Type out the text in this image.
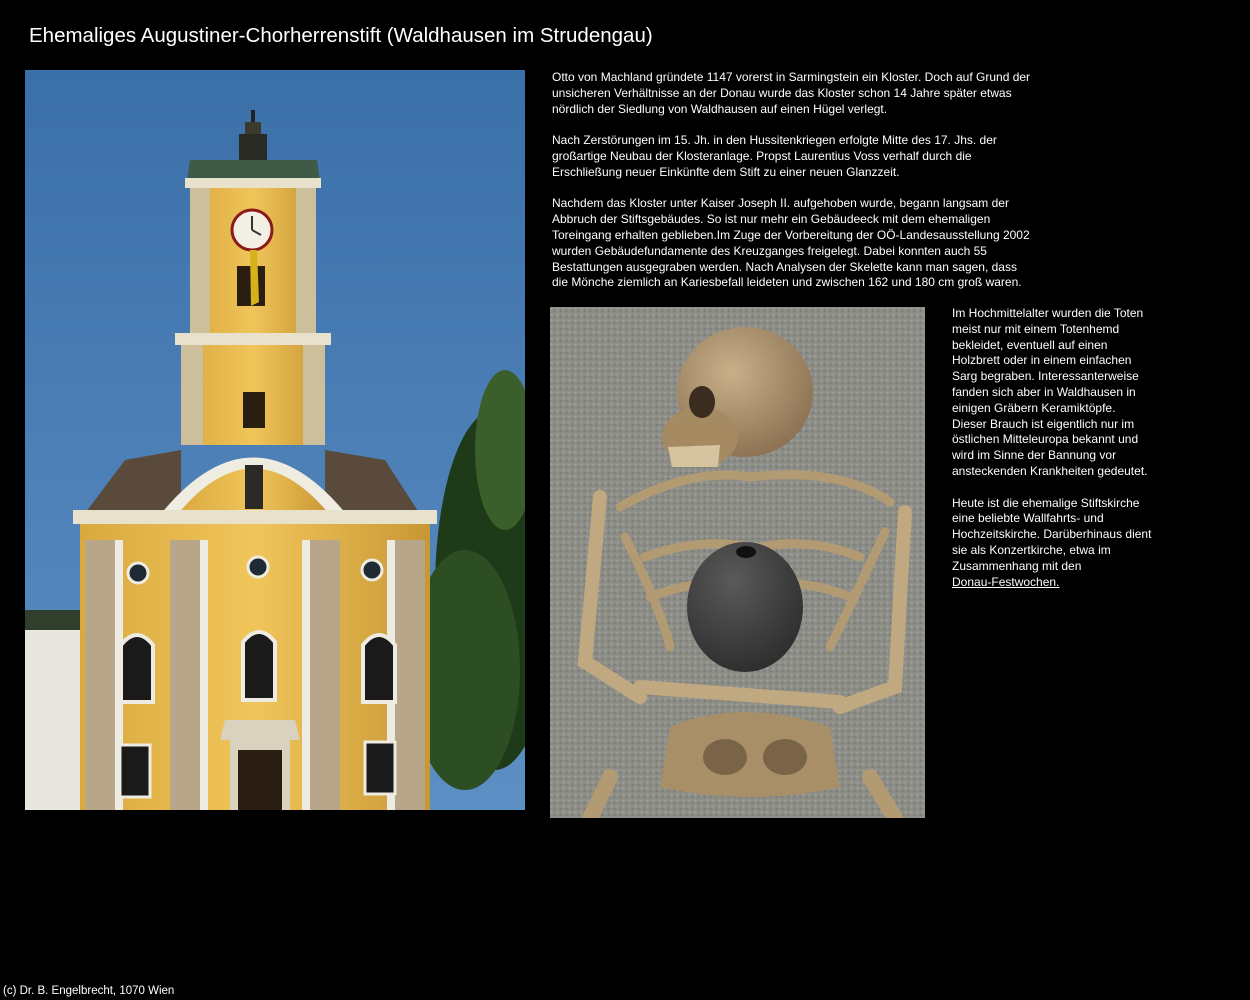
Ehemaliges Augustiner-Chorherrenstift (Waldhausen im Strudengau)

Otto von Machland gründete 1147 vorerst in Sarmingstein ein Kloster. Doch auf Grund der unsicheren Verhältnisse an der Donau wurde das Kloster schon 14 Jahre später etwas nördlich der Siedlung von Waldhausen auf einen Hügel verlegt.

Nach Zerstörungen im 15. Jh. in den Hussitenkriegen erfolgte Mitte des 17. Jhs. der großartige Neubau der Klosteranlage. Propst Laurentius Voss verhalf durch die Erschließung neuer Einkünfte dem Stift zu einer neuen Glanzzeit.

Nachdem das Kloster unter Kaiser Joseph II. aufgehoben wurde, begann langsam der Abbruch der Stiftsgebäudes. So ist nur mehr ein Gebäudeeck mit dem ehemaligen Toreingang erhalten geblieben.Im Zuge der Vorbereitung der OÖ-Landesausstellung 2002 wurden Gebäudefundamente des Kreuzganges freigelegt. Dabei konnten auch 55 Bestattungen ausgegraben werden. Nach Analysen der Skelette kann man sagen, dass die Mönche ziemlich an Kariesbefall leideten und zwischen 162 und 180 cm groß waren.

Im Hochmittelalter wurden die Toten meist nur mit einem Totenhemd bekleidet, eventuell auf einen Holzbrett oder in einem einfachen Sarg begraben. Interessanterweise fanden sich aber in Waldhausen in einigen Gräbern Keramiktöpfe. Dieser Brauch ist eigentlich nur im östlichen Mitteleuropa bekannt und wird im Sinne der Bannung vor ansteckenden Krankheiten gedeutet.

Heute ist die ehemalige Stiftskirche eine beliebte Wallfahrts- und Hochzeitskirche. Darüberhinaus dient sie als Konzertkirche, etwa im Zusammenhang mit den
Donau-Festwochen.

(c) Dr. B. Engelbrecht, 1070 Wien
